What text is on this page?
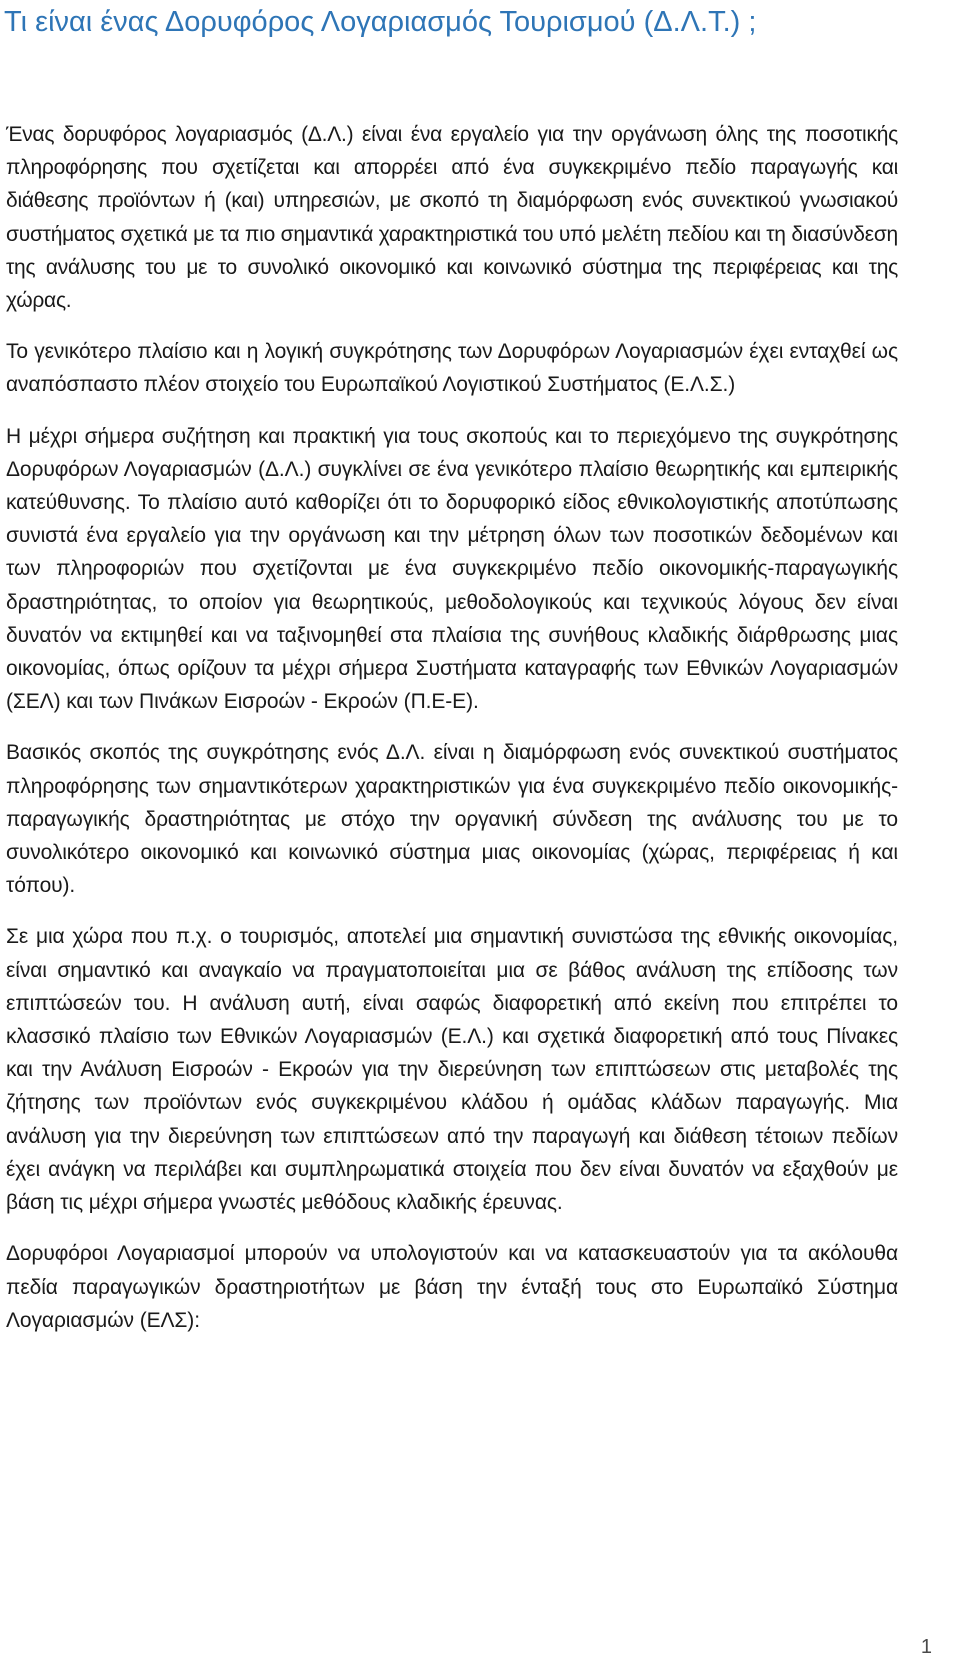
Τι είναι ένας Δορυφόρος Λογαριασμός Τουρισμού (Δ.Λ.Τ.) ;

Ένας δορυφόρος λογαριασμός (Δ.Λ.) είναι ένα εργαλείο για την οργάνωση όλης της ποσοτικής πληροφόρησης που σχετίζεται και απορρέει από ένα συγκεκριμένο πεδίο παραγωγής και διάθεσης προϊόντων ή (και) υπηρεσιών, με σκοπό τη διαμόρφωση ενός συνεκτικού γνωσιακού συστήματος σχετικά με τα πιο σημαντικά χαρακτηριστικά του υπό μελέτη πεδίου και τη διασύνδεση της ανάλυσης του με το συνολικό οικονομικό και κοινωνικό σύστημα της περιφέρειας και της χώρας.

Το γενικότερο πλαίσιο και η λογική συγκρότησης των Δορυφόρων Λογαριασμών έχει ενταχθεί ως αναπόσπαστο πλέον στοιχείο του Ευρωπαϊκού Λογιστικού Συστήματος (Ε.Λ.Σ.)

Η μέχρι σήμερα συζήτηση και πρακτική για τους σκοπούς και το περιεχόμενο της συγκρότησης Δορυφόρων Λογαριασμών (Δ.Λ.) συγκλίνει σε ένα γενικότερο πλαίσιο θεωρητικής και εμπειρικής κατεύθυνσης. Το πλαίσιο αυτό καθορίζει ότι το δορυφορικό είδος εθνικολογιστικής αποτύπωσης συνιστά ένα εργαλείο για την οργάνωση και την μέτρηση όλων των ποσοτικών δεδομένων και των πληροφοριών που σχετίζονται με ένα συγκεκριμένο πεδίο οικονομικής-παραγωγικής δραστηριότητας, το οποίον για θεωρητικούς, μεθοδολογικούς και τεχνικούς λόγους δεν είναι δυνατόν να εκτιμηθεί και να ταξινομηθεί στα πλαίσια της συνήθους κλαδικής διάρθρωσης μιας οικονομίας, όπως ορίζουν τα μέχρι σήμερα Συστήματα καταγραφής των Εθνικών Λογαριασμών (ΣΕΛ) και των Πινάκων Εισροών - Εκροών (Π.Ε-Ε).

Βασικός σκοπός της συγκρότησης ενός Δ.Λ. είναι η διαμόρφωση ενός συνεκτικού συστήματος πληροφόρησης των σημαντικότερων χαρακτηριστικών για ένα συγκεκριμένο πεδίο οικονομικής-παραγωγικής δραστηριότητας με στόχο την οργανική σύνδεση της ανάλυσης του με το συνολικότερο οικονομικό και κοινωνικό σύστημα μιας οικονομίας (χώρας, περιφέρειας ή και τόπου).

Σε μια χώρα που π.χ. ο τουρισμός, αποτελεί μια σημαντική συνιστώσα της εθνικής οικονομίας, είναι σημαντικό και αναγκαίο να πραγματοποιείται μια σε βάθος ανάλυση της επίδοσης των επιπτώσεών του. Η ανάλυση αυτή, είναι σαφώς διαφορετική από εκείνη που επιτρέπει το κλασσικό πλαίσιο των Εθνικών Λογαριασμών (Ε.Λ.) και σχετικά διαφορετική από τους Πίνακες και την Ανάλυση Εισροών - Εκροών για την διερεύνηση των επιπτώσεων στις μεταβολές της ζήτησης των προϊόντων ενός συγκεκριμένου κλάδου ή ομάδας κλάδων παραγωγής. Μια ανάλυση για την διερεύνηση των επιπτώσεων από την παραγωγή και διάθεση τέτοιων πεδίων έχει ανάγκη να περιλάβει και συμπληρωματικά στοιχεία που δεν είναι δυνατόν να εξαχθούν με βάση τις μέχρι σήμερα γνωστές μεθόδους κλαδικής έρευνας.

Δορυφόροι Λογαριασμοί μπορούν να υπολογιστούν και να κατασκευαστούν για τα ακόλουθα πεδία παραγωγικών δραστηριοτήτων με βάση την ένταξή τους στο Ευρωπαϊκό Σύστημα Λογαριασμών (ΕΛΣ):

1
